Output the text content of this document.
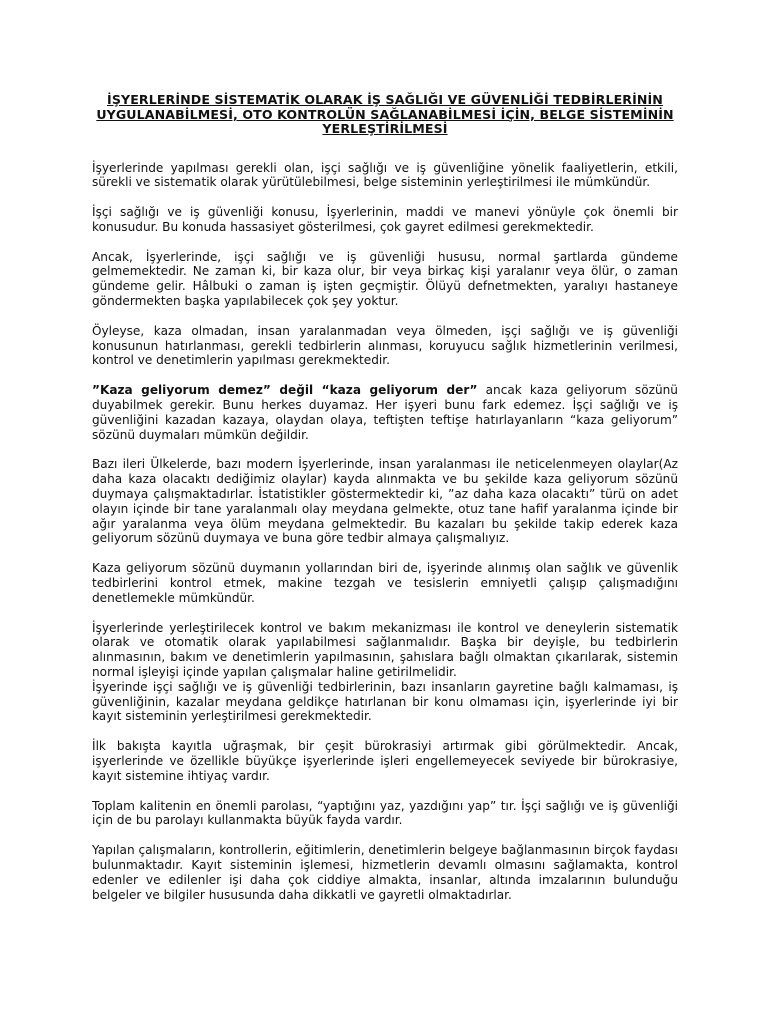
İŞYERLERİNDE SİSTEMATİK OLARAK İŞ SAĞLIĞI VE GÜVENLİĞİ TEDBİRLERİNİN UYGULANABİLMESİ, OTO KONTROLÜN SAĞLANABİLMESİ İÇİN, BELGE SİSTEMİNİN YERLEŞTİRİLMESİ

İşyerlerinde yapılması gerekli olan, işçi sağlığı ve iş güvenliğine yönelik faaliyetlerin, etkili, sürekli ve sistematik olarak yürütülebilmesi, belge sisteminin yerleştirilmesi ile mümkündür.

İşçi sağlığı ve iş güvenliği konusu, İşyerlerinin, maddi ve manevi yönüyle çok önemli bir konusudur. Bu konuda hassasiyet gösterilmesi, çok gayret edilmesi gerekmektedir.

Ancak, İşyerlerinde, işçi sağlığı ve iş güvenliği hususu, normal şartlarda gündeme gelmemektedir. Ne zaman ki, bir kaza olur, bir veya birkaç kişi yaralanır veya ölür, o zaman gündeme gelir. Hâlbuki o zaman iş işten geçmiştir. Ölüyü defnetmekten, yaralıyı hastaneye göndermekten başka yapılabilecek çok şey yoktur.

Öyleyse, kaza olmadan, insan yaralanmadan veya ölmeden, işçi sağlığı ve iş güvenliği konusunun hatırlanması, gerekli tedbirlerin alınması, koruyucu sağlık hizmetlerinin verilmesi, kontrol ve denetimlerin yapılması gerekmektedir.

”Kaza geliyorum demez” değil “kaza geliyorum der” ancak kaza geliyorum sözünü duyabilmek gerekir. Bunu herkes duyamaz. Her işyeri bunu fark edemez. İşçi sağlığı ve iş güvenliğini kazadan kazaya, olaydan olaya, teftişten teftişe hatırlayanların “kaza geliyorum” sözünü duymaları mümkün değildir.

Bazı ileri Ülkelerde, bazı modern İşyerlerinde, insan yaralanması ile neticelenmeyen olaylar(Az daha kaza olacaktı dediğimiz olaylar) kayda alınmakta ve bu şekilde kaza geliyorum sözünü duymaya çalışmaktadırlar. İstatistikler göstermektedir ki, ”az daha kaza olacaktı” türü on adet olayın içinde bir tane yaralanmalı olay meydana gelmekte, otuz tane hafif yaralanma içinde bir ağır yaralanma veya ölüm meydana gelmektedir. Bu kazaları bu şekilde takip ederek kaza geliyorum sözünü duymaya ve buna göre tedbir almaya çalışmalıyız.

Kaza geliyorum sözünü duymanın yollarından biri de, işyerinde alınmış olan sağlık ve güvenlik tedbirlerini kontrol etmek, makine tezgah ve tesislerin emniyetli çalışıp çalışmadığını denetlemekle mümkündür.

İşyerlerinde yerleştirilecek kontrol ve bakım mekanizması ile kontrol ve deneylerin sistematik olarak ve otomatik olarak yapılabilmesi sağlanmalıdır. Başka bir deyişle, bu tedbirlerin alınmasının, bakım ve denetimlerin yapılmasının, şahıslara bağlı olmaktan çıkarılarak, sistemin normal işleyişi içinde yapılan çalışmalar haline getirilmelidir.

İşyerinde işçi sağlığı ve iş güvenliği tedbirlerinin, bazı insanların gayretine bağlı kalmaması, iş güvenliğinin, kazalar meydana geldikçe hatırlanan bir konu olmaması için, işyerlerinde iyi bir kayıt sisteminin yerleştirilmesi gerekmektedir.

İlk bakışta kayıtla uğraşmak, bir çeşit bürokrasiyi artırmak gibi görülmektedir. Ancak, işyerlerinde ve özellikle büyükçe işyerlerinde işleri engellemeyecek seviyede bir bürokrasiye, kayıt sistemine ihtiyaç vardır.

Toplam kalitenin en önemli parolası, “yaptığını yaz, yazdığını yap” tır. İşçi sağlığı ve iş güvenliği için de bu parolayı kullanmakta büyük fayda vardır.

Yapılan çalışmaların, kontrollerin, eğitimlerin, denetimlerin belgeye bağlanmasının birçok faydası bulunmaktadır. Kayıt sisteminin işlemesi, hizmetlerin devamlı olmasını sağlamakta, kontrol edenler ve edilenler işi daha çok ciddiye almakta, insanlar, altında imzalarının bulunduğu belgeler ve bilgiler hususunda daha dikkatli ve gayretli olmaktadırlar.
